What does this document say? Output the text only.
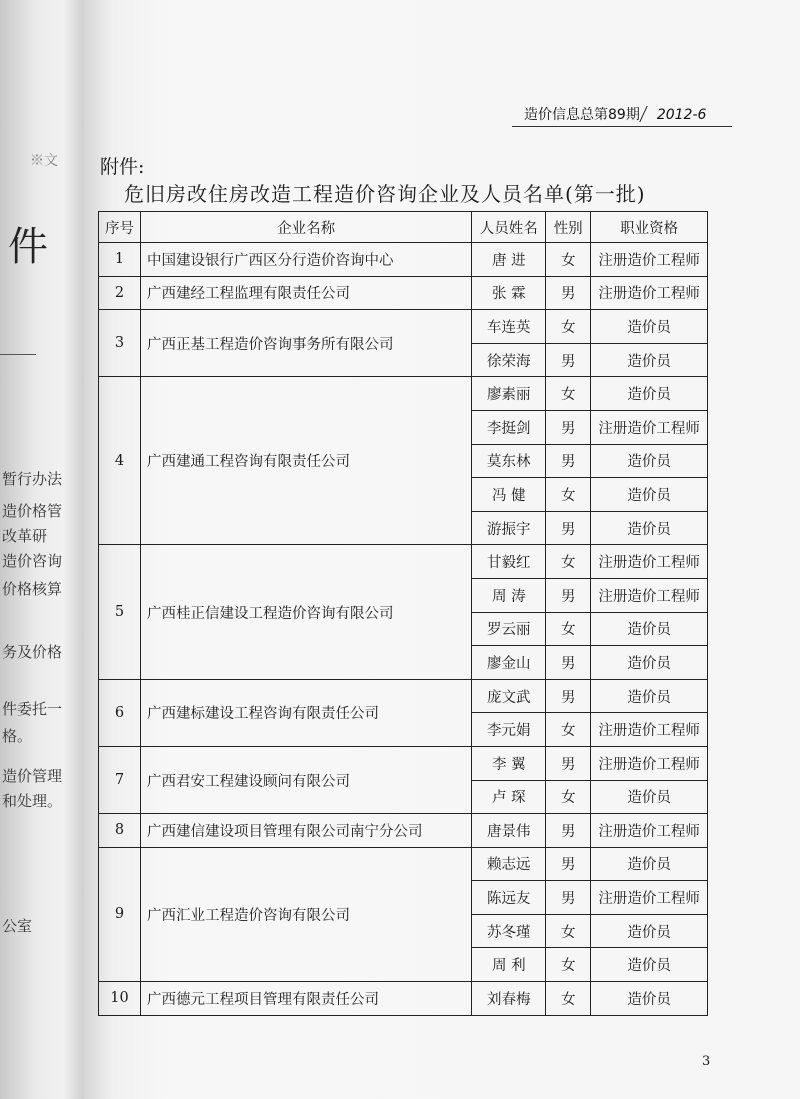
※文
件
暂行办法
造价格管
改革研
造价咨询
价格核算
务及价格
件委托一
格。
造价管理
和处理。
公室
造价信息总第89期 2012-6
附件:
危旧房改住房改造工程造价咨询企业及人员名单(第一批)
序号	企业名称	人员姓名	性别	职业资格
1	中国建设银行广西区分行造价咨询中心	唐 进	女	注册造价工程师
2	广西建经工程监理有限责任公司	张 霖	男	注册造价工程师
3	广西正基工程造价咨询事务所有限公司	车连英	女	造价员
		徐荣海	男	造价员
4	广西建通工程咨询有限责任公司	廖素丽	女	造价员
		李挺剑	男	注册造价工程师
		莫东林	男	造价员
		冯 健	女	造价员
		游振宇	男	造价员
5	广西桂正信建设工程造价咨询有限公司	甘毅红	女	注册造价工程师
		周 涛	男	注册造价工程师
		罗云丽	女	造价员
		廖金山	男	造价员
6	广西建标建设工程咨询有限责任公司	庞文武	男	造价员
		李元娟	女	注册造价工程师
7	广西君安工程建设顾问有限公司	李 翼	男	注册造价工程师
		卢 琛	女	造价员
8	广西建信建设项目管理有限公司南宁分公司	唐景伟	男	注册造价工程师
9	广西汇业工程造价咨询有限公司	赖志远	男	造价员
		陈远友	男	注册造价工程师
		苏冬瑾	女	造价员
		周 利	女	造价员
10	广西德元工程项目管理有限责任公司	刘春梅	女	造价员
3
